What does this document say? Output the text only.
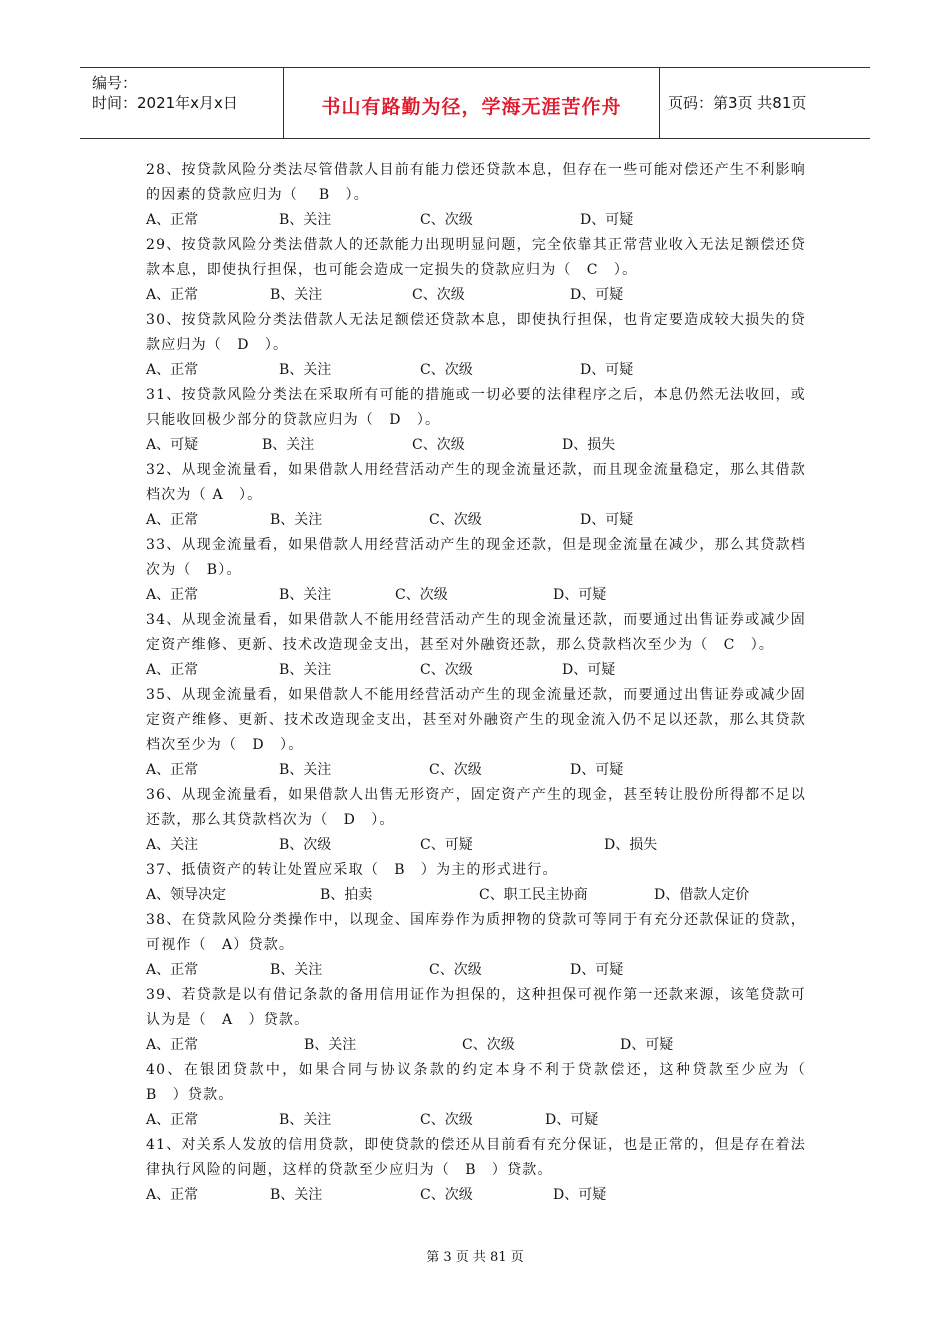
编号：
时间：2021年x月x日	书山有路勤为径，学海无涯苦作舟	页码：第3页 共81页
28、按贷款风险分类法尽管借款人目前有能力偿还贷款本息，但存在一些可能对偿还产生不利影响的因素的贷款应归为（　 B　）。
A、正常	B、关注	C、次级	D、可疑
29、按贷款风险分类法借款人的还款能力出现明显问题，完全依靠其正常营业收入无法足额偿还贷款本息，即使执行担保，也可能会造成一定损失的贷款应归为（　C　）。
A、正常	B、关注	C、次级	D、可疑
30、按贷款风险分类法借款人无法足额偿还贷款本息，即使执行担保，也肯定要造成较大损失的贷款应归为（　D　）。
A、正常	B、关注	C、次级	D、可疑
31、按贷款风险分类法在采取所有可能的措施或一切必要的法律程序之后，本息仍然无法收回，或只能收回极少部分的贷款应归为（　D　）。
A、可疑	B、关注	C、次级	D、损失
32、从现金流量看，如果借款人用经营活动产生的现金流量还款，而且现金流量稳定，那么其借款档次为（ A　）。
A、正常	B、关注	C、次级	D、可疑
33、从现金流量看，如果借款人用经营活动产生的现金还款，但是现金流量在减少，那么其贷款档次为（　B）。
A、正常	B、关注	C、次级	D、可疑
34、从现金流量看，如果借款人不能用经营活动产生的现金流量还款，而要通过出售证券或减少固定资产维修、更新、技术改造现金支出，甚至对外融资还款，那么贷款档次至少为（　C　）。
A、正常	B、关注	C、次级	D、可疑
35、从现金流量看，如果借款人不能用经营活动产生的现金流量还款，而要通过出售证券或减少固定资产维修、更新、技术改造现金支出，甚至对外融资产生的现金流入仍不足以还款，那么其贷款档次至少为（　D　）。
A、正常	B、关注	C、次级	D、可疑
36、从现金流量看，如果借款人出售无形资产，固定资产产生的现金，甚至转让股份所得都不足以还款，那么其贷款档次为（　D　）。
A、关注	B、次级	C、可疑	D、损失
37、抵债资产的转让处置应采取（　B　）为主的形式进行。
A、领导决定	B、拍卖	C、职工民主协商	D、借款人定价
38、在贷款风险分类操作中，以现金、国库券作为质押物的贷款可等同于有充分还款保证的贷款，可视作（　A）贷款。
A、正常	B、关注	C、次级	D、可疑
39、若贷款是以有借记条款的备用信用证作为担保的，这种担保可视作第一还款来源，该笔贷款可认为是（　A　）贷款。
A、正常	B、关注	C、次级	D、可疑
40、在银团贷款中，如果合同与协议条款的约定本身不利于贷款偿还，这种贷款至少应为（　B　）贷款。
A、正常	B、关注	C、次级	D、可疑
41、对关系人发放的信用贷款，即使贷款的偿还从目前看有充分保证，也是正常的，但是存在着法律执行风险的问题，这样的贷款至少应归为（　B　）贷款。
A、正常	B、关注	C、次级	D、可疑
第 3 页 共 81 页
